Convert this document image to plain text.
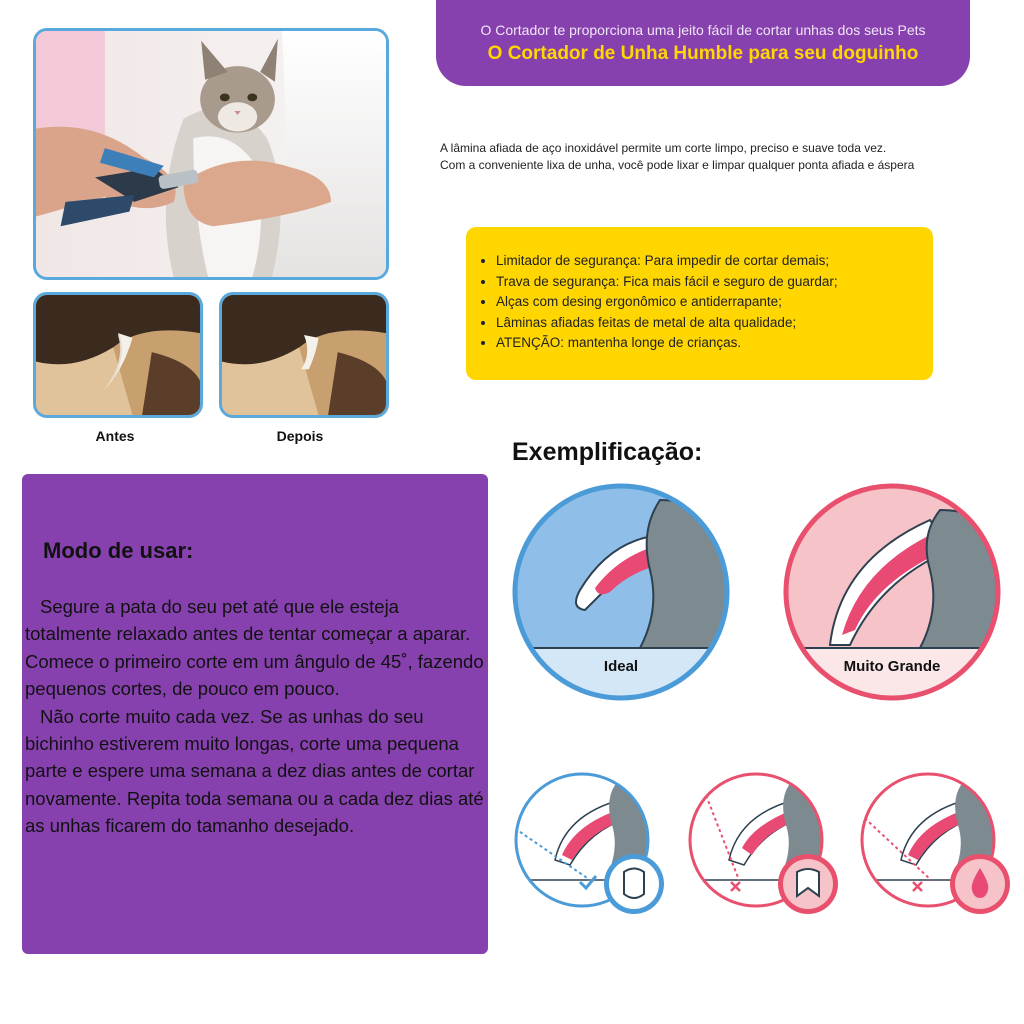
Antes	Depois
O Cortador te proporciona uma jeito fácil de cortar unhas dos seus Pets
O Cortador de Unha Humble para seu doguinho
A lâmina afiada de aço inoxidável permite um corte limpo, preciso e suave toda vez.
Com a conveniente lixa de unha, você pode lixar e limpar qualquer ponta afiada e áspera
• Limitador de segurança: Para impedir de cortar demais;
• Trava de segurança: Fica mais fácil e seguro de guardar;
• Alças com desing ergonômico e antiderrapante;
• Lâminas afiadas feitas de metal de alta qualidade;
• ATENÇÃO: mantenha longe de crianças.
Exemplificação:
Modo de usar:

Segure a pata do seu pet até que ele esteja totalmente relaxado antes de tentar começar a aparar. Comece o primeiro corte em um ângulo de 45˚, fazendo pequenos cortes, de pouco em pouco.

Não corte muito cada vez. Se as unhas do seu bichinho estiverem muito longas, corte uma pequena parte e espere uma semana a dez dias antes de cortar novamente. Repita toda semana ou a cada dez dias até as unhas ficarem do tamanho desejado.

Ideal	Muito Grande
